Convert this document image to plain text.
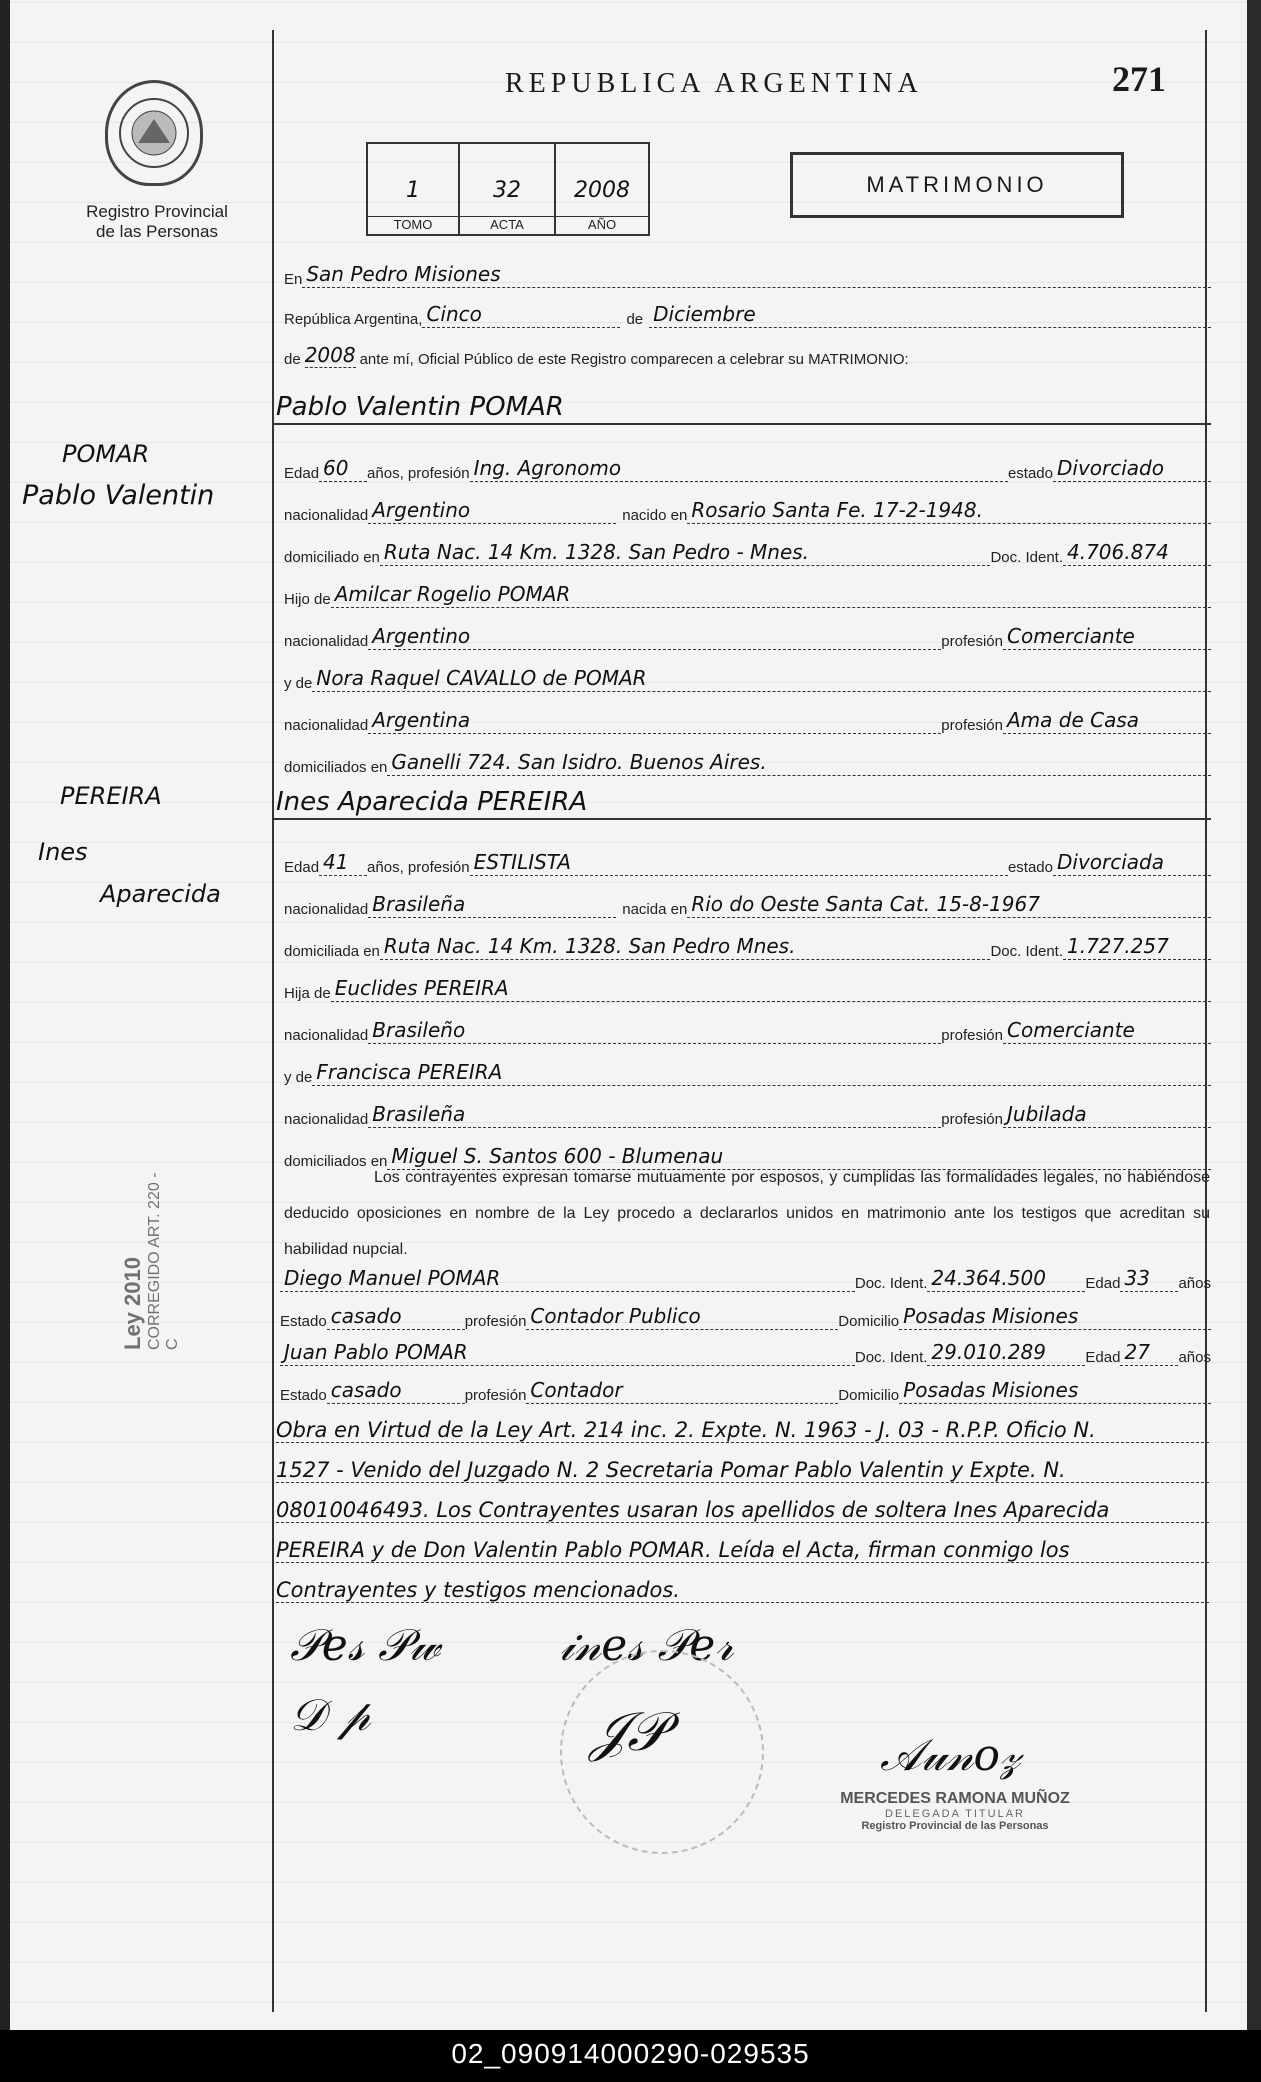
Registro Provincial
de las Personas
REPUBLICA ARGENTINA	271
1
TOMO
32
ACTA
2008
AÑO
MATRIMONIO
POMAR
Pablo Valentin
PEREIRA
Ines
Aparecida
Ley 2010 CORREGIDO ART. 220 - C
En San Pedro Misiones
República Argentina, Cinco	de Diciembre
de 2008 ante mí, Oficial Público de este Registro comparecen a celebrar su MATRIMONIO:
Pablo Valentin POMAR
Edad 60	años, profesión Ing. Agronomo	estado Divorciado
nacionalidad Argentino	nacido en Rosario Santa Fe. 17-2-1948.
domiciliado en Ruta Nac. 14 Km. 1328. San Pedro - Mnes.	Doc. Ident. 4.706.874
Hijo de Amilcar Rogelio POMAR
nacionalidad Argentino	profesión Comerciante
y de Nora Raquel CAVALLO de POMAR
nacionalidad Argentina	profesión Ama de Casa
domiciliados en Ganelli 724. San Isidro. Buenos Aires.
Ines Aparecida PEREIRA
Edad 41	años, profesión ESTILISTA	estado Divorciada
nacionalidad Brasileña	nacida en Rio do Oeste Santa Cat. 15-8-1967
domiciliada en Ruta Nac. 14 Km. 1328. San Pedro Mnes.	Doc. Ident. 1.727.257
Hija de Euclides PEREIRA
nacionalidad Brasileño	profesión Comerciante
y de Francisca PEREIRA
nacionalidad Brasileña	profesión Jubilada
domiciliados en Miguel S. Santos 600 - Blumenau
Los contrayentes expresan tomarse mutuamente por esposos, y cumplidas las formalidades legales, no habiéndose deducido oposiciones en nombre de la Ley procedo a declararlos unidos en matrimonio ante los testigos que acreditan su habilidad nupcial.
Diego Manuel POMAR	Doc. Ident. 24.364.500	Edad 33	años
Estado casado	profesión Contador Publico	Domicilio Posadas Misiones
Juan Pablo POMAR	Doc. Ident. 29.010.289	Edad 27	años
Estado casado	profesión Contador	Domicilio Posadas Misiones
Obra en Virtud de la Ley Art. 214 inc. 2. Expte. N. 1963 - J. 03 - R.P.P. Oficio N.
1527 - Venido del Juzgado N. 2 Secretaria Pomar Pablo Valentin y Expte. N.
08010046493. Los Contrayentes usaran los apellidos de soltera Ines Aparecida
PEREIRA y de Don Valentin Pablo POMAR. Leída el Acta, firman conmigo los
Contrayentes y testigos mencionados.
𝒫𝑒𝓈 𝒫𝓌	𝒾𝓃𝑒𝓈 𝒫𝑒𝓇
𝒟 𝓅	𝒥𝒫	𝒜𝓊𝓃𝑜𝓏
MERCEDES RAMONA MUÑOZ
DELEGADA TITULAR
Registro Provincial de las Personas
02_090914000290-029535
